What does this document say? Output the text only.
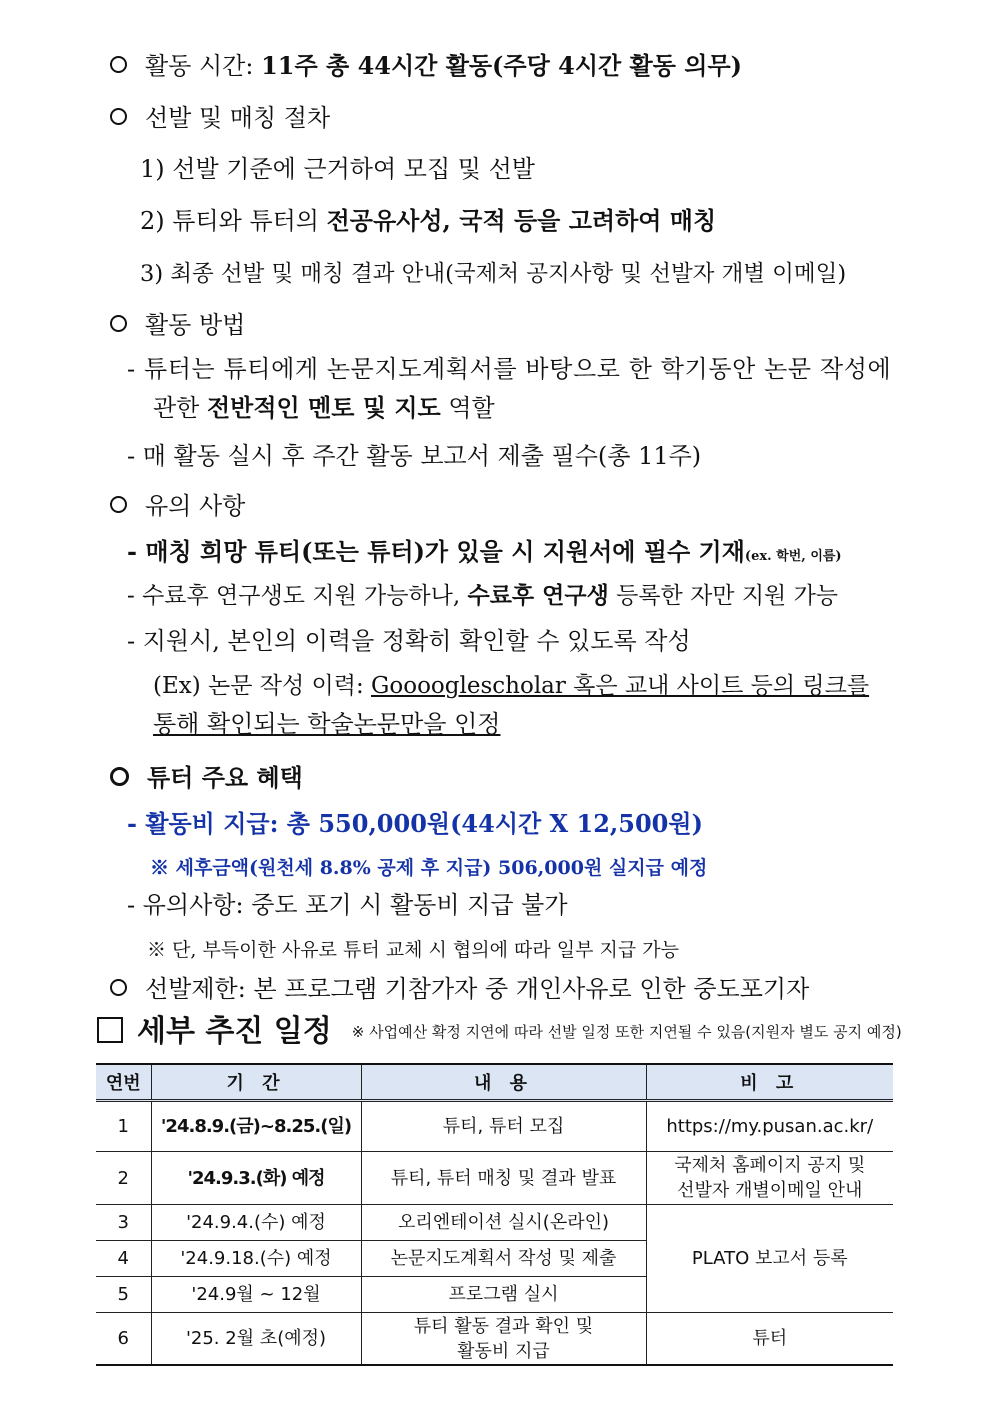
활동 시간: 11주 총 44시간 활동(주당 4시간 활동 의무)
선발 및 매칭 절차
1) 선발 기준에 근거하여 모집 및 선발
2) 튜티와 튜터의 전공유사성, 국적 등을 고려하여 매칭
3) 최종 선발 및 매칭 결과 안내(국제처 공지사항 및 선발자 개별 이메일)
활동 방법
- 튜터는 튜티에게 논문지도계획서를 바탕으로 한 학기동안 논문 작성에
관한 전반적인 멘토 및 지도 역할
- 매 활동 실시 후 주간 활동 보고서 제출 필수(총 11주)
유의 사항
- 매칭 희망 튜티(또는 튜터)가 있을 시 지원서에 필수 기재(ex. 학번, 이름)
- 수료후 연구생도 지원 가능하나, 수료후 연구생 등록한 자만 지원 가능
- 지원시, 본인의 이력을 정확히 확인할 수 있도록 작성
(Ex) 논문 작성 이력: Gooooglescholar 혹은 교내 사이트 등의 링크를
통해 확인되는 학술논문만을 인정
튜터 주요 혜택
- 활동비 지급: 총 550,000원(44시간 X 12,500원)
※ 세후금액(원천세 8.8% 공제 후 지급) 506,000원 실지급 예정
- 유의사항: 중도 포기 시 활동비 지급 불가
※ 단, 부득이한 사유로 튜터 교체 시 협의에 따라 일부 지급 가능
선발제한: 본 프로그램 기참가자 중 개인사유로 인한 중도포기자
세부 추진 일정 ※ 사업예산 확정 지연에 따라 선발 일정 또한 지연될 수 있음(지원자 별도 공지 예정)
연번	기 간	내 용	비 고
1	'24.8.9.(금)~8.25.(일)	튜티, 튜터 모집	https://my.pusan.ac.kr/
2	'24.9.3.(화) 예정	튜티, 튜터 매칭 및 결과 발표	국제처 홈페이지 공지 및
선발자 개별이메일 안내

3	'24.9.4.(수) 예정	오리엔테이션 실시(온라인)	PLATO 보고서 등록
4	'24.9.18.(수) 예정	논문지도계획서 작성 및 제출	
5	'24.9월 ~ 12월	프로그램 실시	
6	'25. 2월 초(예정)	튜티 활동 결과 확인 및
활동비 지급	튜터
